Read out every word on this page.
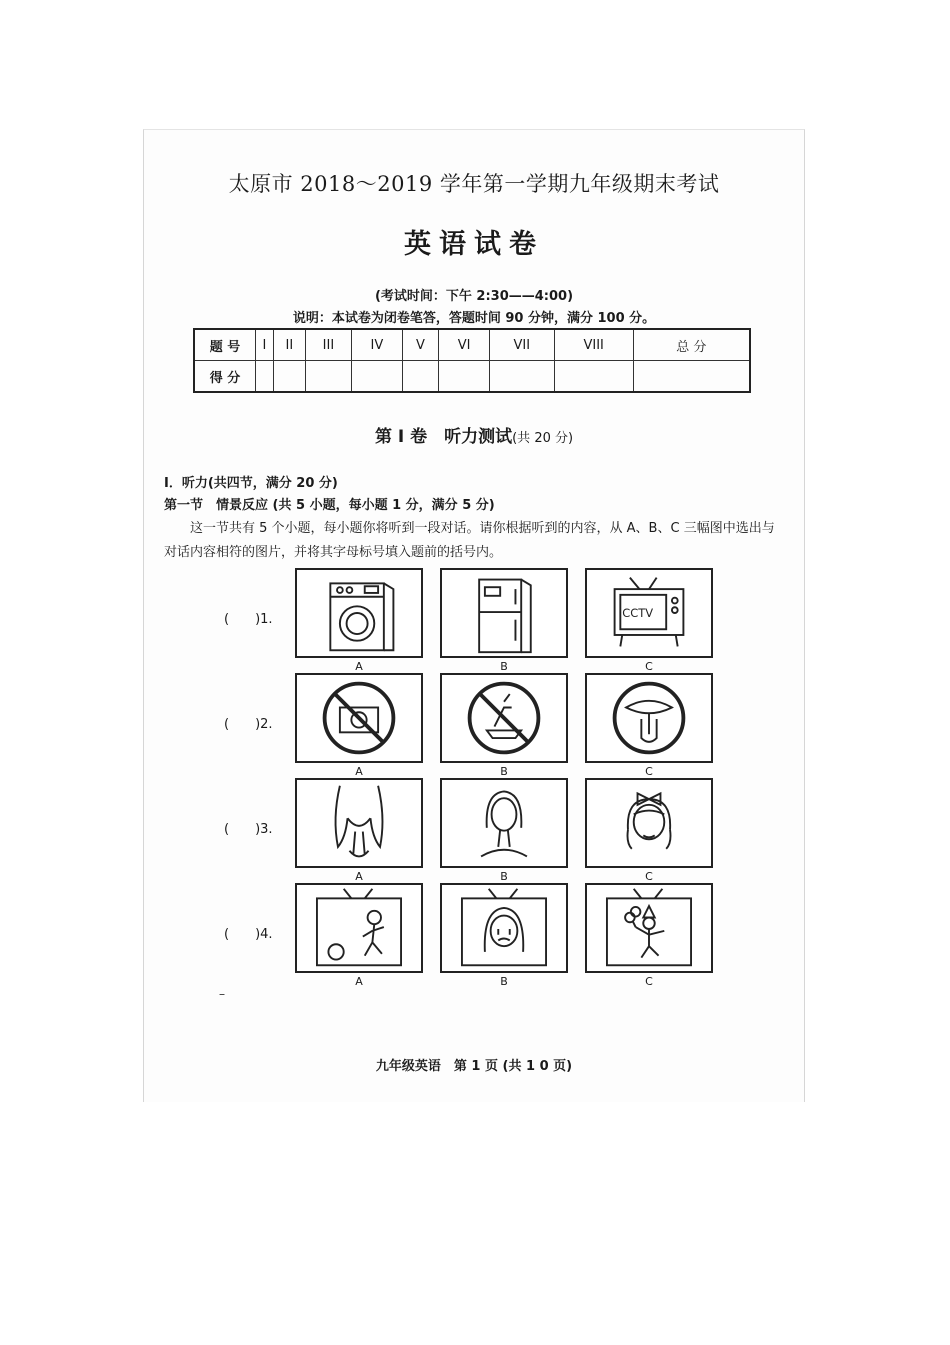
太原市 2018～2019 学年第一学期九年级期末考试
英语试卷
(考试时间：下午 2:30——4:00)
说明：本试卷为闭卷笔答，答题时间 90 分钟，满分 100 分。
题 号	I	II	III	IV	V	VI	VII	VIII	总 分
得 分									
第 I 卷　听力测试(共 20 分)
I．听力(共四节，满分 20 分)
第一节　情景反应 (共 5 小题，每小题 1 分，满分 5 分)
这一节共有 5 个小题，每小题你将听到一段对话。请你根据听到的内容，从 A、B、C 三幅图中选出与对话内容相符的图片，并将其字母标号填入题前的括号内。
(　　)1.
A	B
CCTV
C
(　　)2.
A	B	C
(　　)3.
A	B	C
(　　)4.
A	B	C
–
九年级英语　第 1 页 (共 1 0 页)
